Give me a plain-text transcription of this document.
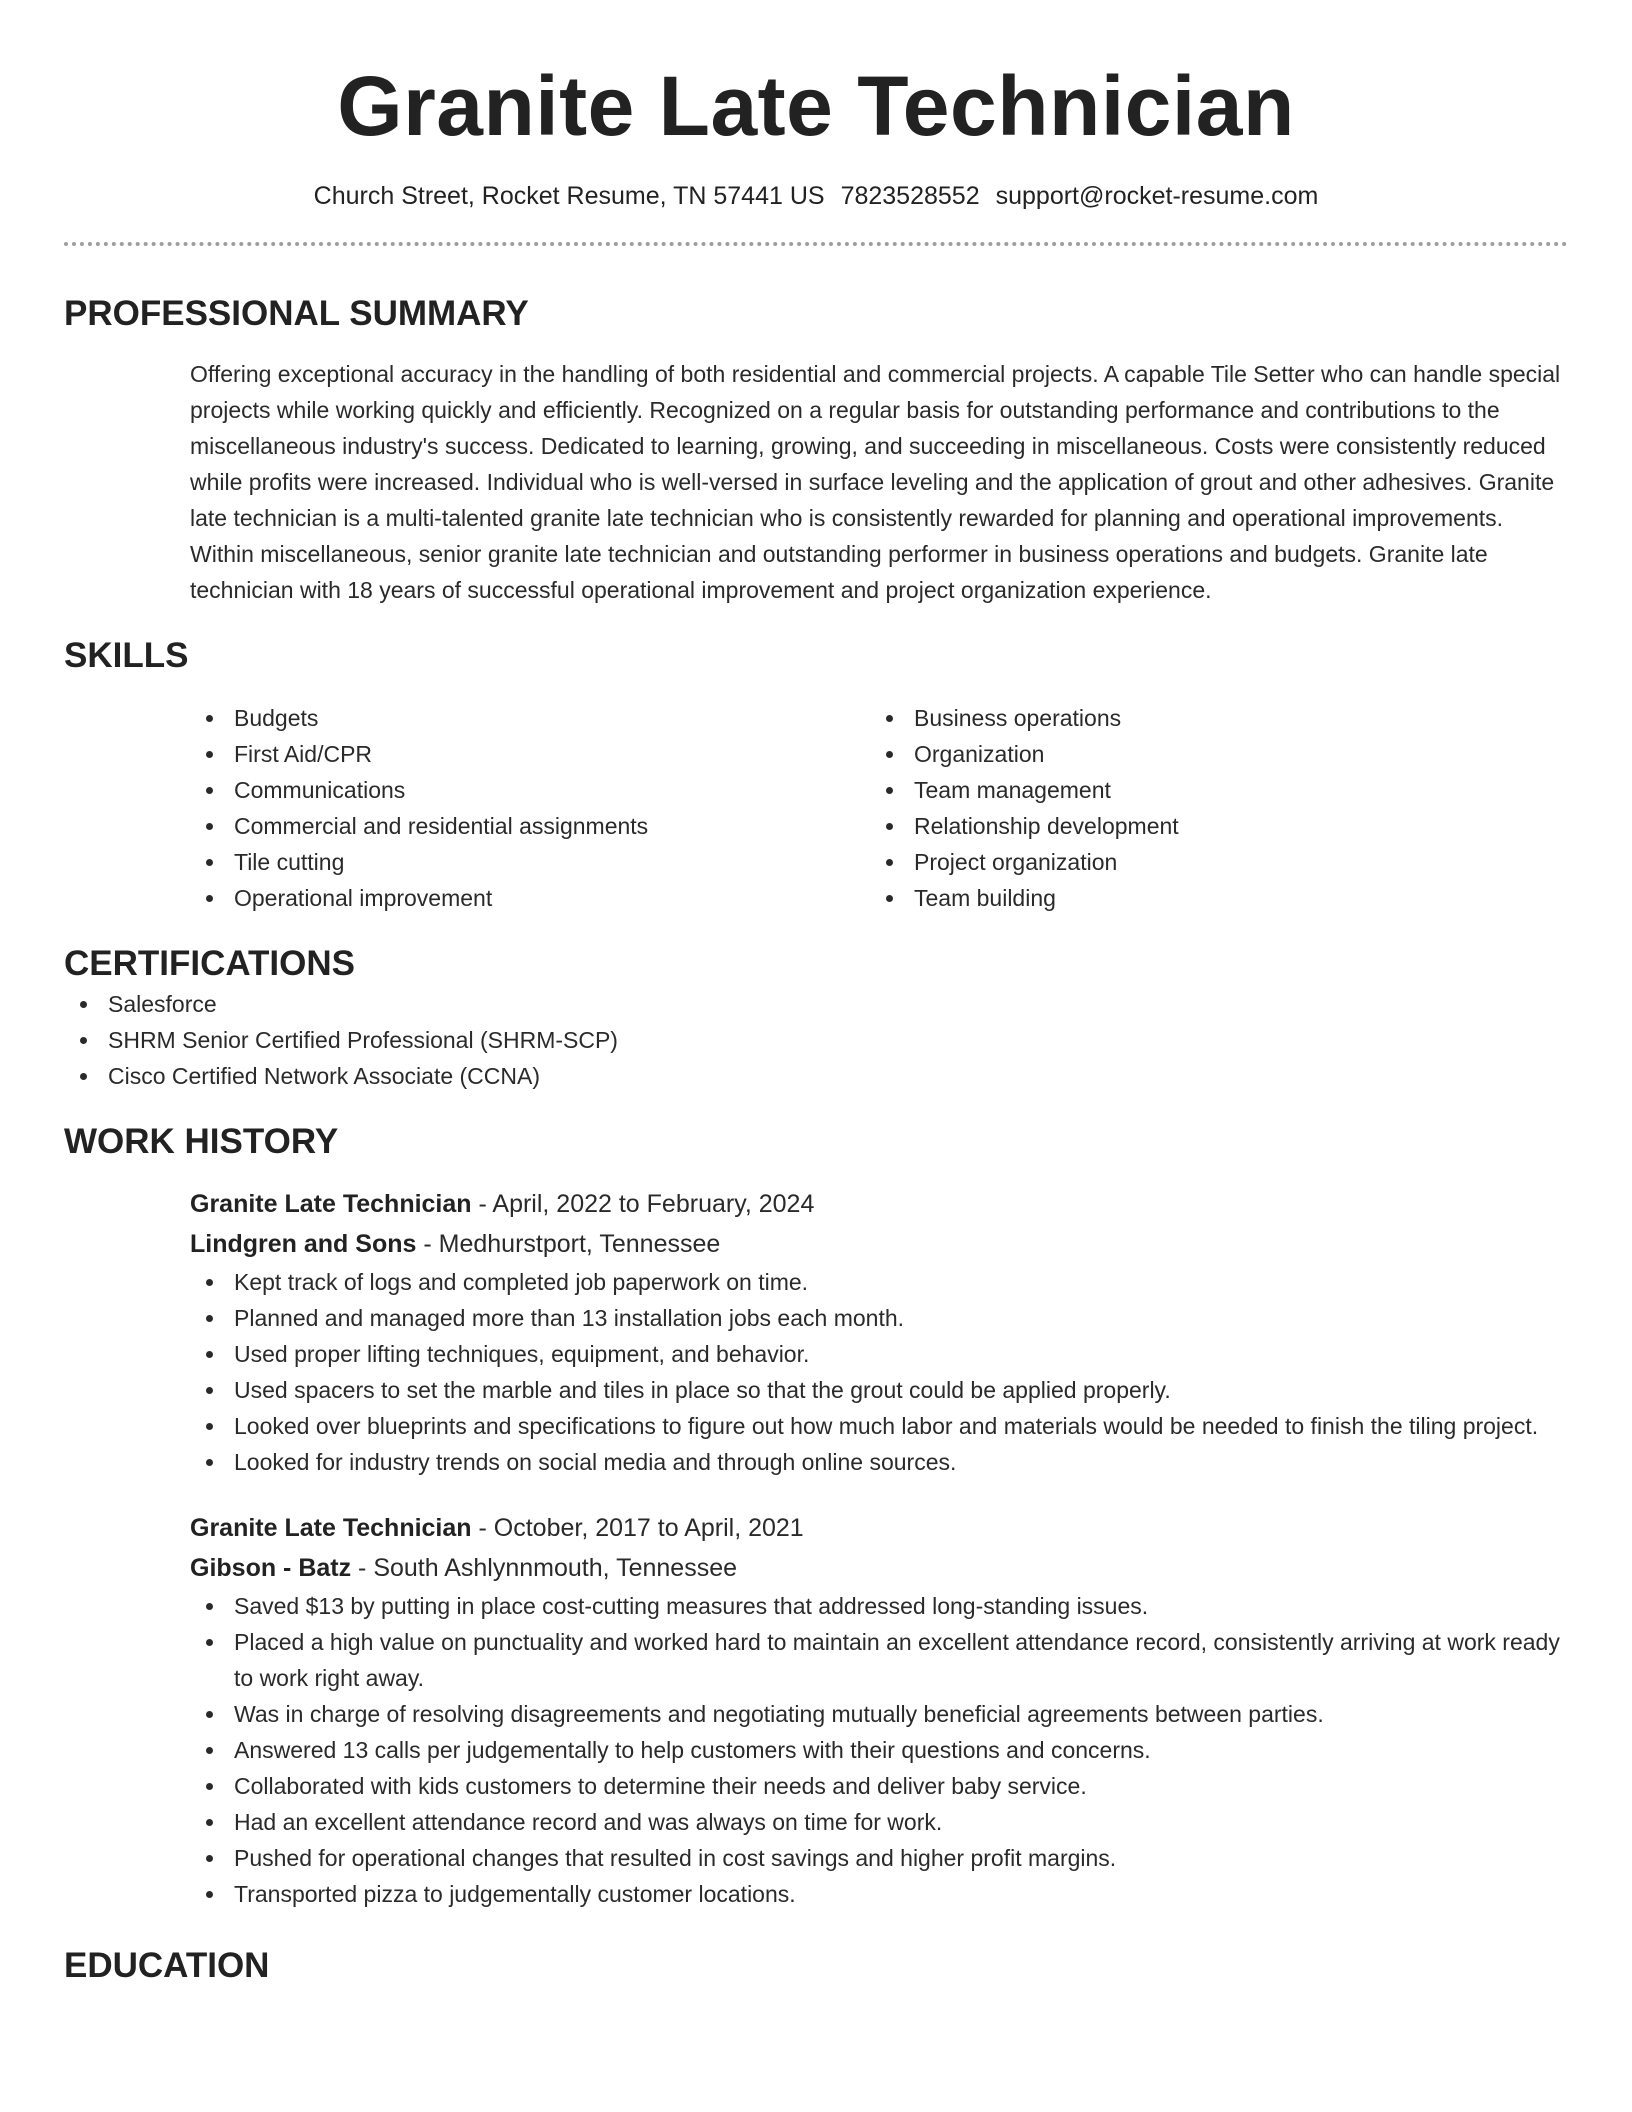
Granite Late Technician
Church Street, Rocket Resume, TN 57441 US 7823528552 support@rocket-resume.com
PROFESSIONAL SUMMARY
Offering exceptional accuracy in the handling of both residential and commercial projects. A capable Tile Setter who can handle special projects while working quickly and efficiently. Recognized on a regular basis for outstanding performance and contributions to the miscellaneous industry's success. Dedicated to learning, growing, and succeeding in miscellaneous. Costs were consistently reduced while profits were increased. Individual who is well-versed in surface leveling and the application of grout and other adhesives. Granite late technician is a multi-talented granite late technician who is consistently rewarded for planning and operational improvements. Within miscellaneous, senior granite late technician and outstanding performer in business operations and budgets. Granite late technician with 18 years of successful operational improvement and project organization experience.
SKILLS
Budgets
First Aid/CPR
Communications
Commercial and residential assignments
Tile cutting
Operational improvement
Business operations
Organization
Team management
Relationship development
Project organization
Team building
CERTIFICATIONS
Salesforce
SHRM Senior Certified Professional (SHRM-SCP)
Cisco Certified Network Associate (CCNA)
WORK HISTORY
Granite Late Technician - April, 2022 to February, 2024
Lindgren and Sons - Medhurstport, Tennessee
Kept track of logs and completed job paperwork on time.
Planned and managed more than 13 installation jobs each month.
Used proper lifting techniques, equipment, and behavior.
Used spacers to set the marble and tiles in place so that the grout could be applied properly.
Looked over blueprints and specifications to figure out how much labor and materials would be needed to finish the tiling project.
Looked for industry trends on social media and through online sources.
Granite Late Technician - October, 2017 to April, 2021
Gibson - Batz - South Ashlynnmouth, Tennessee
Saved $13 by putting in place cost-cutting measures that addressed long-standing issues.
Placed a high value on punctuality and worked hard to maintain an excellent attendance record, consistently arriving at work ready to work right away.
Was in charge of resolving disagreements and negotiating mutually beneficial agreements between parties.
Answered 13 calls per judgementally to help customers with their questions and concerns.
Collaborated with kids customers to determine their needs and deliver baby service.
Had an excellent attendance record and was always on time for work.
Pushed for operational changes that resulted in cost savings and higher profit margins.
Transported pizza to judgementally customer locations.
EDUCATION
